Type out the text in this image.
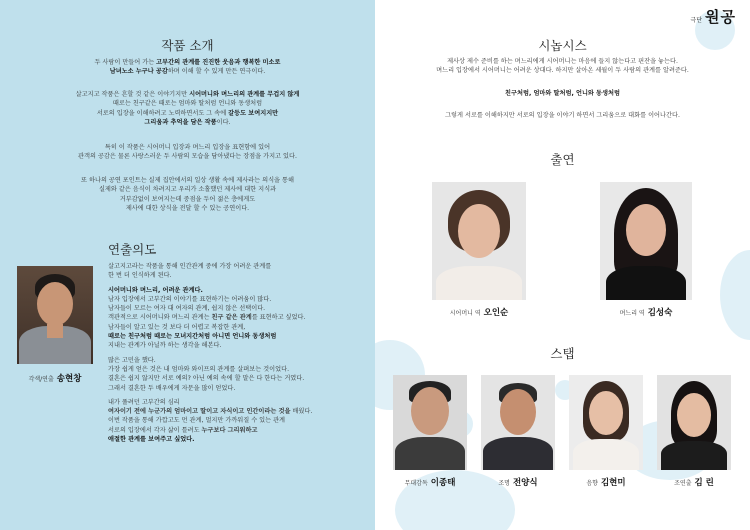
작품 소개
두 사람이 만들어 가는 고부간의 관계를 진진한 웃음과 행복한 미소로
남녀노소 누구나 공감하며 이해 할 수 있게 만든 연극이다.
살고지고 작품은 흔할 것 같은 이야기지만 시어머니와 며느리의 관계를 무겁지 않게
때로는 친구같은 때로는 엄마와 딸처럼 언니와 동생처럼
서로의 입장을 이해하려고 노력하면서도 그 속에 갈등도 보여지지만
그리움과 추억을 담은 작품이다.
특히 이 작품은 시어머니 입장과 며느리 입장을 표현함에 있어
관객의 공감은 물론 사랑스러운 두 사람의 모습을 담아냈다는 장점을 가지고 있다.
또 하나의 공연 포인트는 실제 집안에서의 일상 생활 속에 제사라는 의식을 통해
실제와 같은 음식이 차려지고 우리가 소홀했던 제사에 대한 지식과
거부감없이 보여지는데 중점을 두어 젊은 층에게도
제사에 대한 상식을 전달 할 수 있는 공연이다.
연출의도
각색/연출 송현창
살고지고라는 작품을 통해 인간관계 중에 가장 어려운 관계를
한 번 더 인식하게 된다.
시어머니와 며느리, 어려운 관계다.
남자 입장에서 고부간의 이야기를 표현하기는 어려움이 많다.
남자들이 모르는 여자 대 여자의 관계, 쉽지 않은 선택이다.
객관적으로 시어머니와 며느리 관계는 친구 같은 관계를 표현하고 싶었다.
남자들이 알고 있는 것 보다 더 어렵고 복잡한 관계,
때로는 친구처럼 때로는 모녀지간처럼 아니면 언니와 동생처럼
지내는 관계가 아닐까 하는 생각을 해본다.
많은 고민을 했다.
가장 쉽게 얻은 것은 내 엄마와 와이프의 관계를 살펴보는 것이었다.
결혼은 쉽지 않지만 서로 예의? 아닌 예의 속에 할 말은 다 한다는 거였다.
그래서 결혼한 두 배우에게 자문을 많이 얻었다.
내가 풀려던 고부간의 심리
여자이기 전에 누군가의 엄마이고 딸이고 자식이고 인간이라는 것을 배웠다.
이번 작품을 통해 가깝고도 먼 관계, 멀지만 가까워질 수 있는 관계
서로의 입장에서 각자 삶이 틀려도 누구보다 그리워하고
애절한 관계를 보여주고 싶었다.
극단 원공
시놉시스
제사상 제수 준비를 하는 며느리에게 시어머니는 마음에 들지 않는다고 핀잔을 놓는다.
며느리 입장에서 시어머니는 어려운 상대다. 하지만 살아온 세월이 두 사람의 관계를 알려준다.
친구처럼, 엄마와 딸처럼, 언니와 동생처럼
그렇게 서로를 이해하지만 서로의 입장을 이야기 하면서 그리움으로 대화를 이어나간다.
출연
시어머니 역 오인순	며느리 역 김성숙
스탭
무대감독 이종태	조명 전양식	음향 김현미	조연출 김 린
